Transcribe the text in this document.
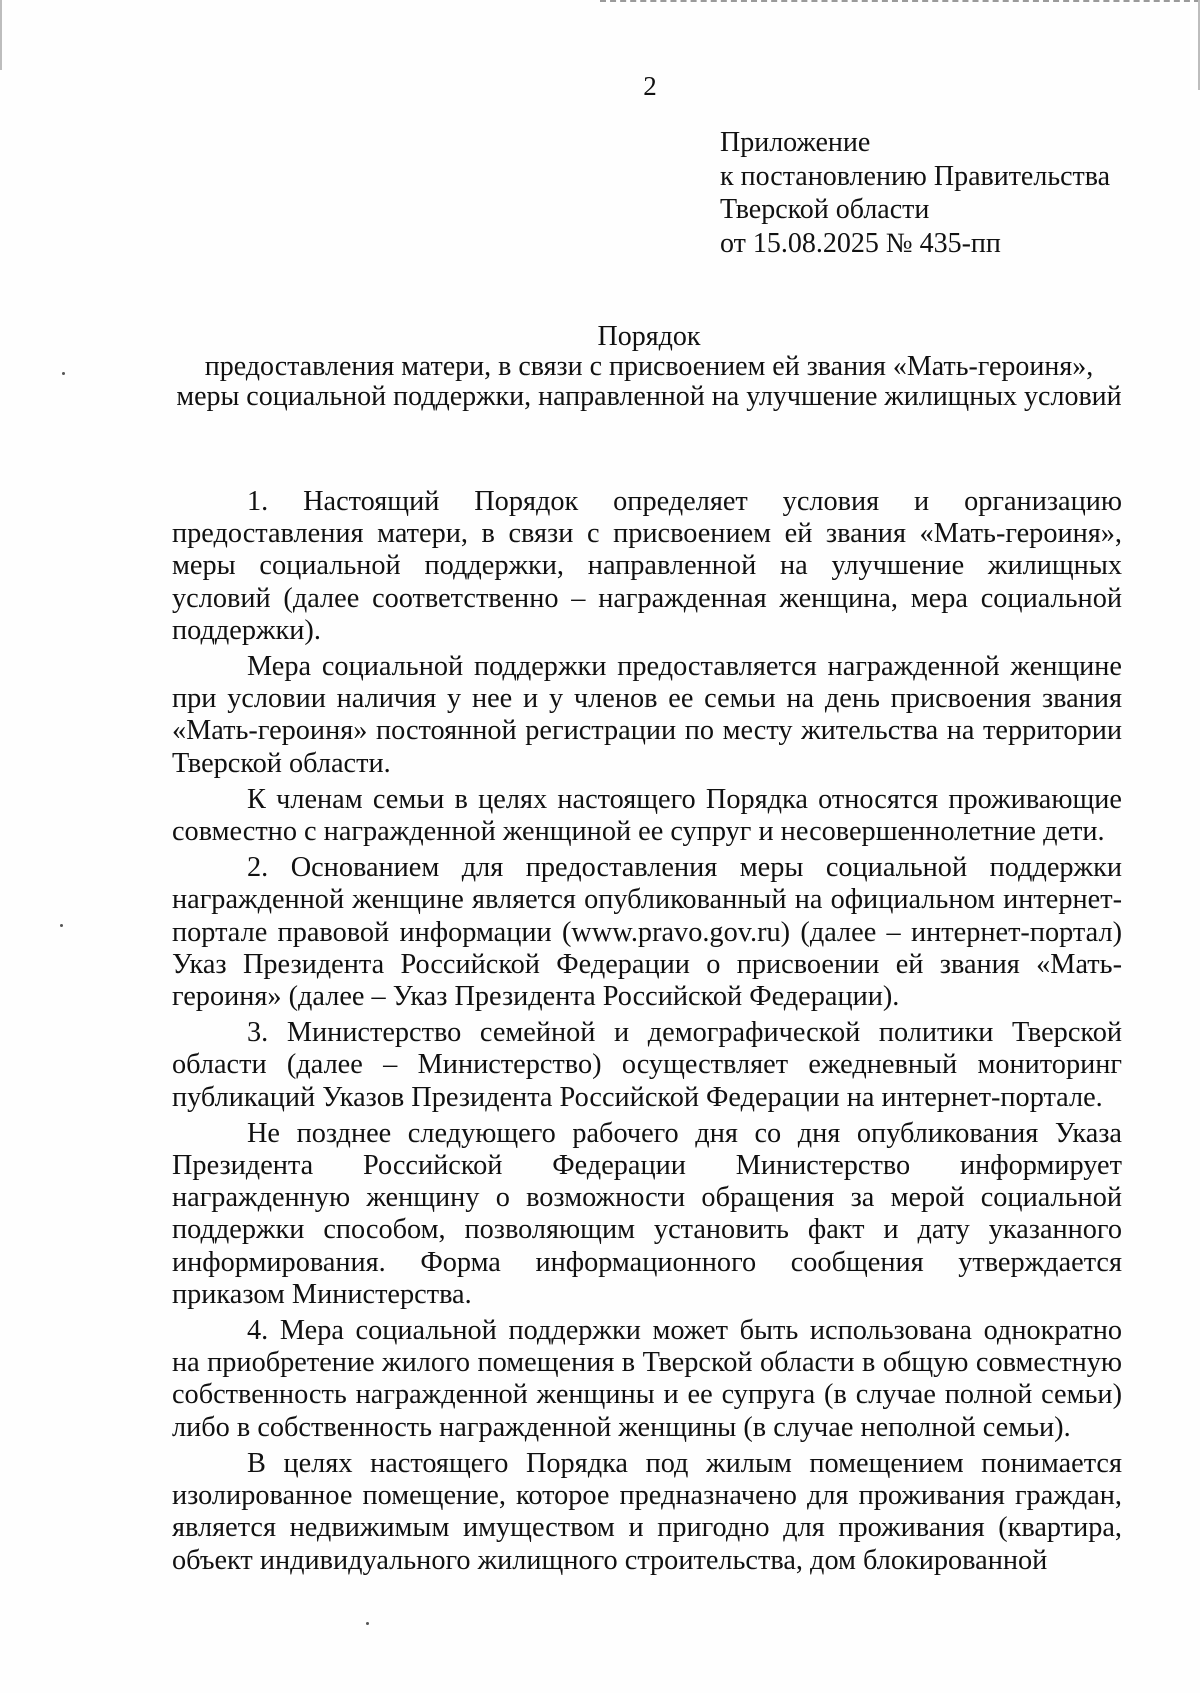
2
Приложение
к постановлению Правительства
Тверской области
от 15.08.2025 № 435-пп
Порядок
предоставления матери, в связи с присвоением ей звания «Мать-героиня», меры социальной поддержки, направленной на улучшение жилищных условий

1. Настоящий Порядок определяет условия и организацию предоставления матери, в связи с присвоением ей звания «Мать-героиня», меры социальной поддержки, направленной на улучшение жилищных условий (далее соответственно – награжденная женщина, мера социальной поддержки).

Мера социальной поддержки предоставляется награжденной женщине при условии наличия у нее и у членов ее семьи на день присвоения звания «Мать-героиня» постоянной регистрации по месту жительства на территории Тверской области.

К членам семьи в целях настоящего Порядка относятся проживающие совместно с награжденной женщиной ее супруг и несовершеннолетние дети.

2. Основанием для предоставления меры социальной поддержки награжденной женщине является опубликованный на официальном интернет-портале правовой информации (www.pravo.gov.ru) (далее – интернет-портал) Указ Президента Российской Федерации о присвоении ей звания «Мать-героиня» (далее – Указ Президента Российской Федерации).

3. Министерство семейной и демографической политики Тверской области (далее – Министерство) осуществляет ежедневный мониторинг публикаций Указов Президента Российской Федерации на интернет-портале.

Не позднее следующего рабочего дня со дня опубликования Указа Президента Российской Федерации Министерство информирует награжденную женщину о возможности обращения за мерой социальной поддержки способом, позволяющим установить факт и дату указанного информирования. Форма информационного сообщения утверждается приказом Министерства.

4. Мера социальной поддержки может быть использована однократно на приобретение жилого помещения в Тверской области в общую совместную собственность награжденной женщины и ее супруга (в случае полной семьи) либо в собственность награжденной женщины (в случае неполной семьи).

В целях настоящего Порядка под жилым помещением понимается изолированное помещение, которое предназначено для проживания граждан, является недвижимым имуществом и пригодно для проживания (квартира, объект индивидуального жилищного строительства, дом блокированной
